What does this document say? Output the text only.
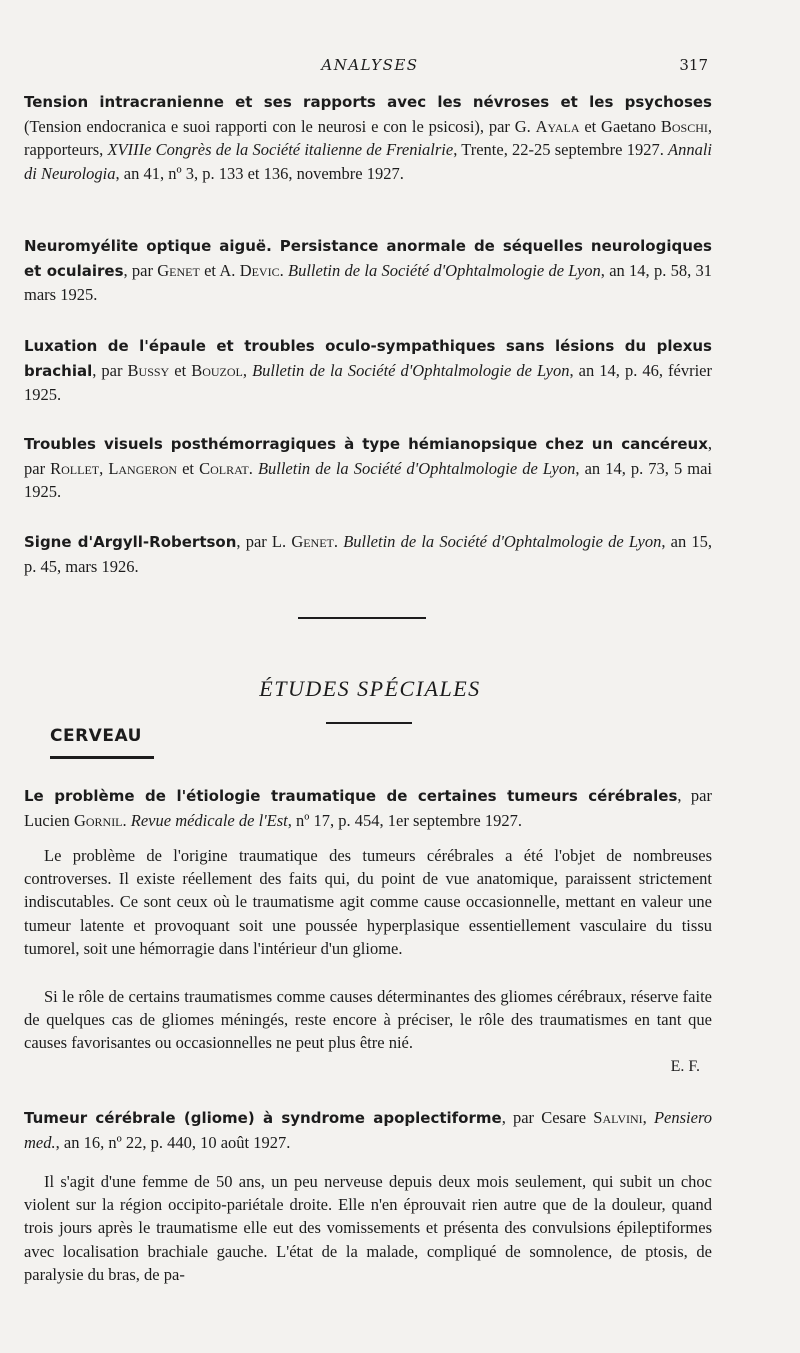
ANALYSES	317
Tension intracranienne et ses rapports avec les névroses et les psychoses (Tension endocranica e suoi rapporti con le neurosi e con le psicosi), par G. Ayala et Gaetano Boschi, rapporteurs, XVIIIe Congrès de la Société italienne de Frenialrie, Trente, 22-25 septembre 1927. Annali di Neurologia, an 41, nº 3, p. 133 et 136, novembre 1927.
Neuromyélite optique aiguë. Persistance anormale de séquelles neurologiques et oculaires, par Genet et A. Devic. Bulletin de la Société d'Ophtalmologie de Lyon, an 14, p. 58, 31 mars 1925.
Luxation de l'épaule et troubles oculo-sympathiques sans lésions du plexus brachial, par Bussy et Bouzol, Bulletin de la Société d'Ophtalmologie de Lyon, an 14, p. 46, février 1925.
Troubles visuels posthémorragiques à type hémianopsique chez un cancéreux, par Rollet, Langeron et Colrat. Bulletin de la Société d'Ophtalmologie de Lyon, an 14, p. 73, 5 mai 1925.
Signe d'Argyll-Robertson, par L. Genet. Bulletin de la Société d'Ophtalmologie de Lyon, an 15, p. 45, mars 1926.
ÉTUDES SPÉCIALES
CERVEAU
Le problème de l'étiologie traumatique de certaines tumeurs cérébrales, par Lucien Gornil. Revue médicale de l'Est, nº 17, p. 454, 1er septembre 1927.

Le problème de l'origine traumatique des tumeurs cérébrales a été l'objet de nombreuses controverses. Il existe réellement des faits qui, du point de vue anatomique, paraissent strictement indiscutables. Ce sont ceux où le traumatisme agit comme cause occasionnelle, mettant en valeur une tumeur latente et provoquant soit une poussée hyperplasique essentiellement vasculaire du tissu tumorel, soit une hémorragie dans l'intérieur d'un gliome.

Si le rôle de certains traumatismes comme causes déterminantes des gliomes cérébraux, réserve faite de quelques cas de gliomes méningés, reste encore à préciser, le rôle des traumatismes en tant que causes favorisantes ou occasionnelles ne peut plus être nié.

E. F.
Tumeur cérébrale (gliome) à syndrome apoplectiforme, par Cesare Salvini, Pensiero med., an 16, nº 22, p. 440, 10 août 1927.

Il s'agit d'une femme de 50 ans, un peu nerveuse depuis deux mois seulement, qui subit un choc violent sur la région occipito-pariétale droite. Elle n'en éprouvait rien autre que de la douleur, quand trois jours après le traumatisme elle eut des vomissements et présenta des convulsions épileptiformes avec localisation brachiale gauche. L'état de la malade, compliqué de somnolence, de ptosis, de paralysie du bras, de pa-
